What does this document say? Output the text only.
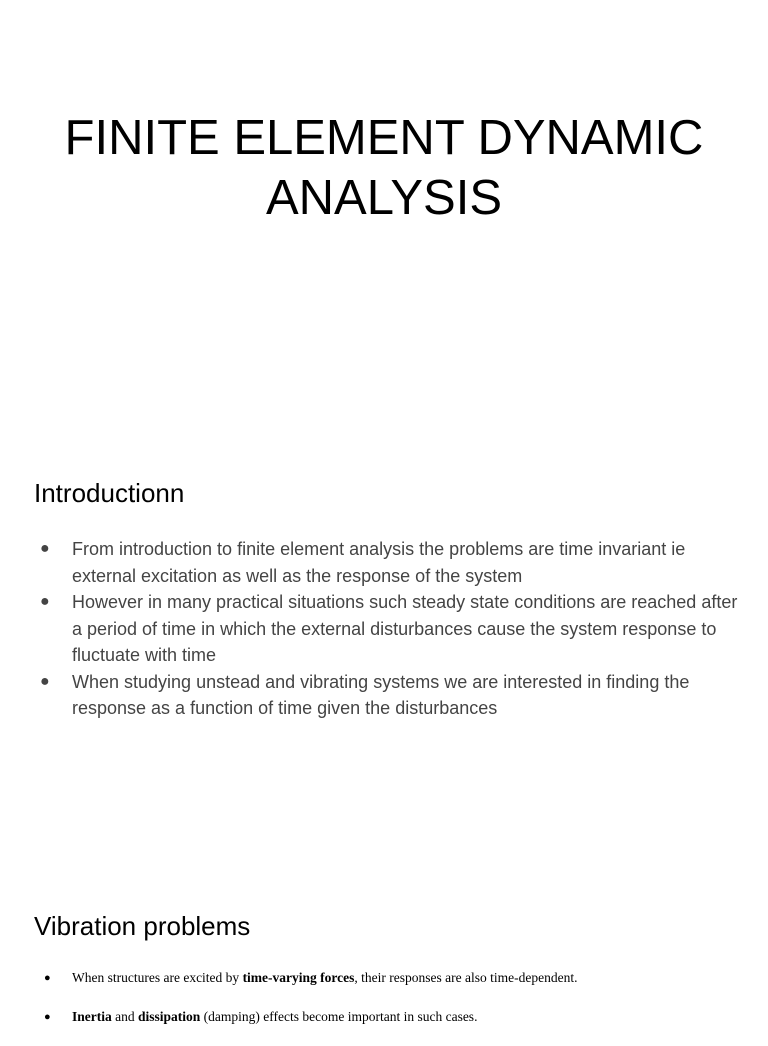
FINITE ELEMENT DYNAMIC
ANALYSIS
Introductionn
● From introduction to finite element analysis the problems are time invariant ie external excitation as well as the response of the system
● However in many practical situations such steady state conditions are reached after a period of time in which the external disturbances cause the system response to fluctuate with time
● When studying unstead and vibrating systems we are interested in finding the response as a function of time given the disturbances
Vibration problems
● When structures are excited by time-varying forces, their responses are also time-dependent.
● Inertia and dissipation (damping) effects become important in such cases.
